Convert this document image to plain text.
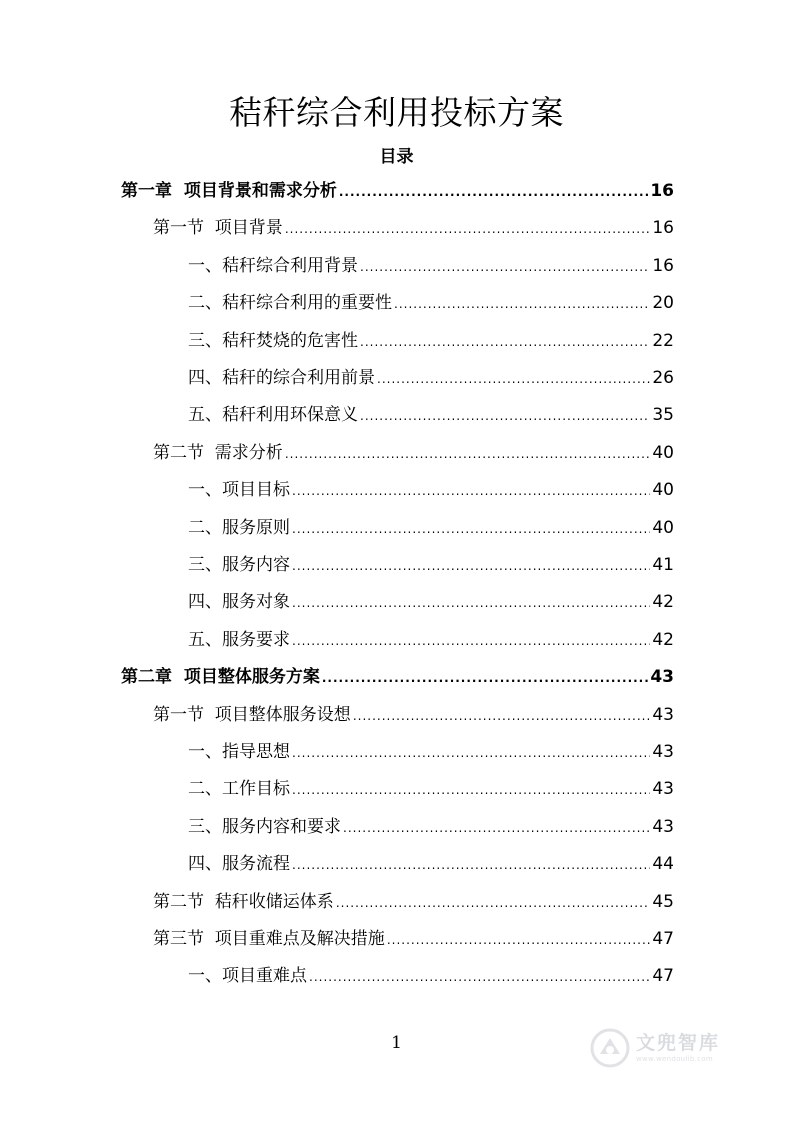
秸秆综合利用投标方案
目录
第一章  项目背景和需求分析 .....	16
第一节  项目背景 .....	16
一、秸秆综合利用背景 .....	16
二、秸秆综合利用的重要性 .....	20
三、秸秆焚烧的危害性 .....	22
四、秸秆的综合利用前景 .....	26
五、秸秆利用环保意义 .....	35
第二节  需求分析 .....	40
一、项目目标 .....	40
二、服务原则 .....	40
三、服务内容 .....	41
四、服务对象 .....	42
五、服务要求 .....	42
第二章  项目整体服务方案 .....	43
第一节  项目整体服务设想 .....	43
一、指导思想 .....	43
二、工作目标 .....	43
三、服务内容和要求 .....	43
四、服务流程 .....	44
第二节  秸秆收储运体系 .....	45
第三节  项目重难点及解决措施 .....	47
一、项目重难点 .....	47
1	文兜智库
www.wendoulib.com
